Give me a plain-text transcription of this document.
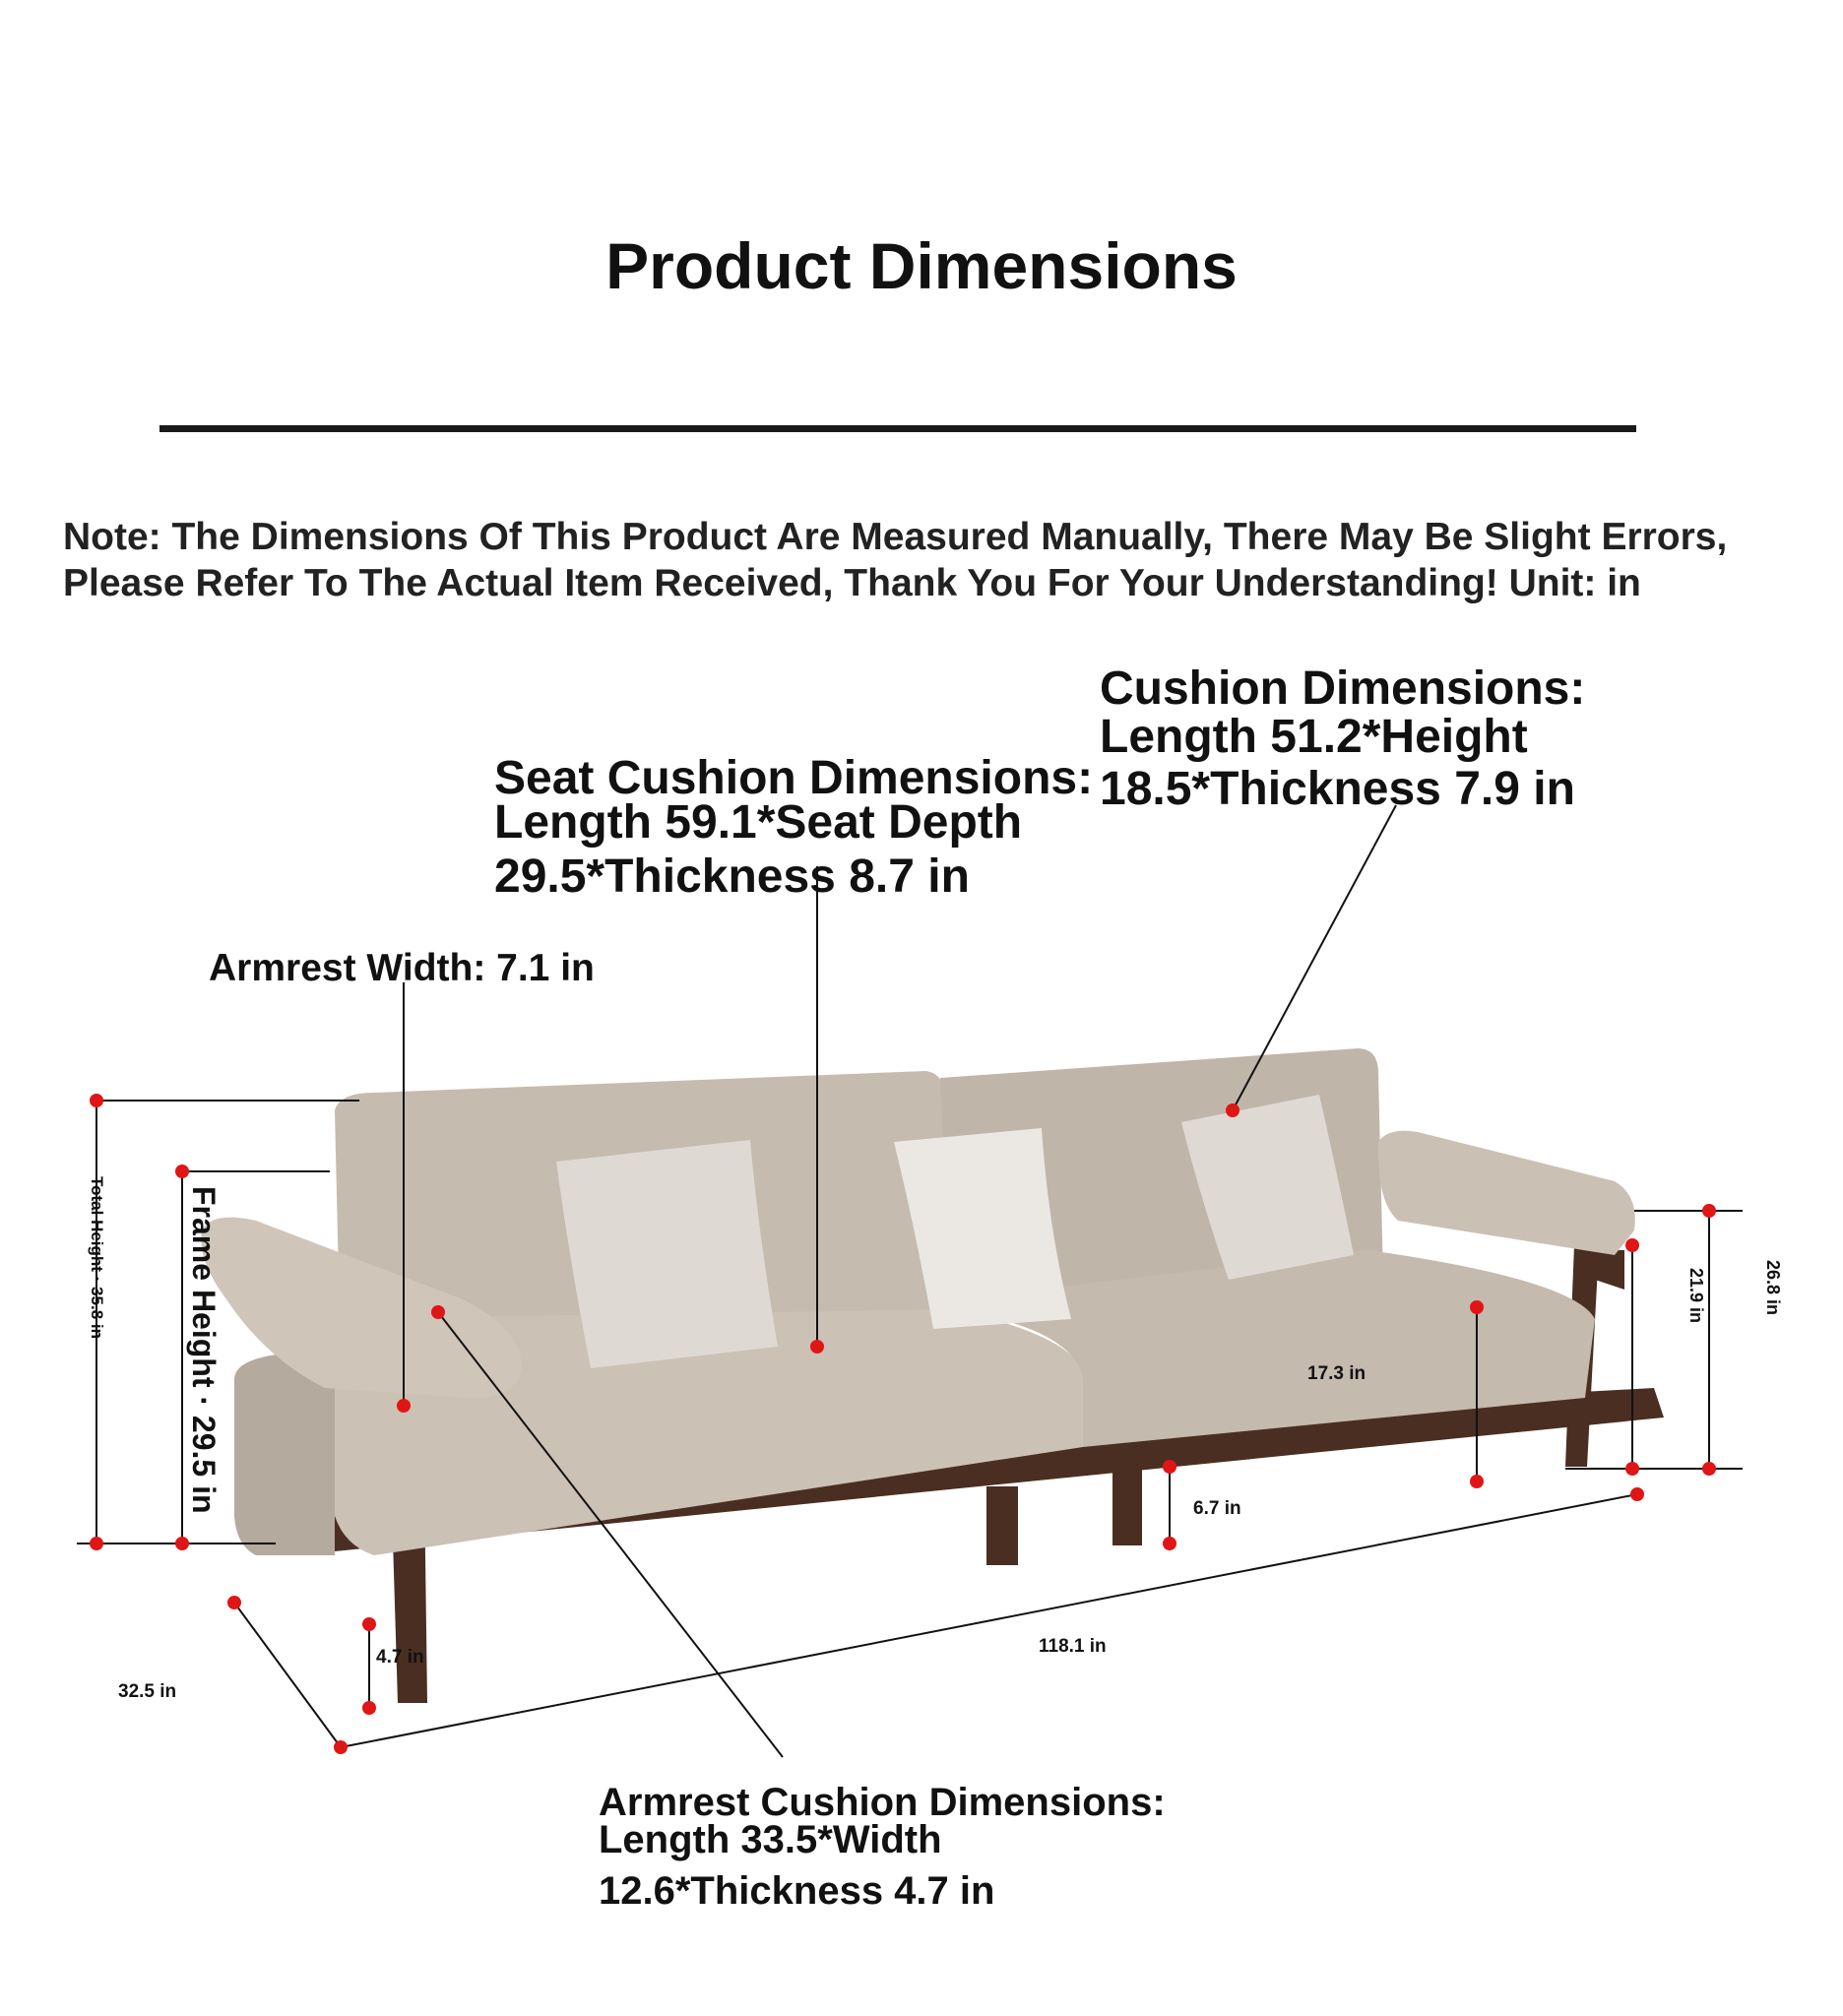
Product Dimensions
Note: The Dimensions Of This Product Are Measured Manually, There May Be Slight Errors, Please Refer To The Actual Item Received, Thank You For Your Understanding! Unit: in
Cushion Dimensions:
Length 51.2*Height
18.5*Thickness 7.9 in
Seat Cushion Dimensions:
Length 59.1*Seat Depth
29.5*Thickness 8.7 in
Armrest Width: 7.1 in
Armrest Cushion Dimensions:
Length 33.5*Width
12.6*Thickness 4.7 in
Total Height · 35.8 in	Frame Height · 29.5 in	21.9 in	26.8 in
17.3 in
6.7 in
4.7 in
118.1 in
32.5 in
